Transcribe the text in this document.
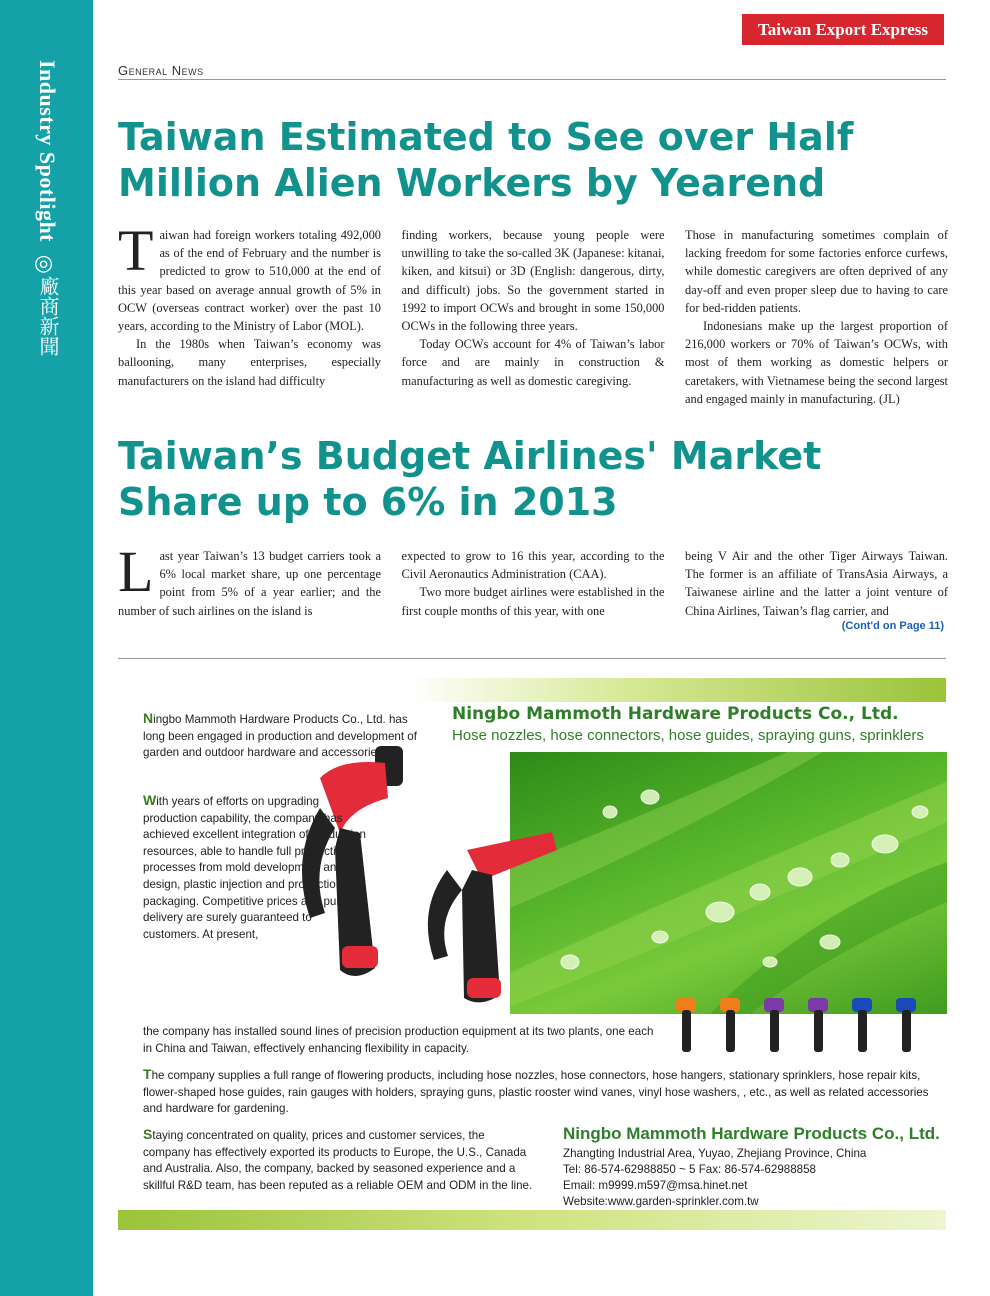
Industry Spotlight
◎
廠商新聞
Taiwan Export Express
General News
Taiwan Estimated to See over Half Million Alien Workers by Yearend

Taiwan had foreign workers totaling 492,000 as of the end of February and the number is predicted to grow to 510,000 at the end of this year based on average annual growth of 5% in OCW (overseas contract worker) over the past 10 years, according to the Ministry of Labor (MOL).

In the 1980s when Taiwan’s economy was ballooning, many enterprises, especially manufacturers on the island had difficulty

finding workers, because young people were unwilling to take the so-called 3K (Japanese: kitanai, kiken, and kitsui) or 3D (English: dangerous, dirty, and difficult) jobs. So the government started in 1992 to import OCWs and brought in some 150,000 OCWs in the following three years.

Today OCWs account for 4% of Taiwan’s labor force and are mainly in construction & manufacturing as well as domestic caregiving.

Those in manufacturing sometimes complain of lacking freedom for some factories enforce curfews, while domestic caregivers are often deprived of any day-off and even proper sleep due to having to care for bed-ridden patients.

Indonesians make up the largest proportion of 216,000 workers or 70% of Taiwan’s OCWs, with most of them working as domestic helpers or caretakers, with Vietnamese being the second largest and engaged mainly in manufacturing. (JL)

Taiwan’s Budget Airlines' Market Share up to 6% in 2013

Last year Taiwan’s 13 budget carriers took a 6% local market share, up one percentage point from 5% of a year earlier; and the number of such airlines on the island is

expected to grow to 16 this year, according to the Civil Aeronautics Administration (CAA).

Two more budget airlines were established in the first couple months of this year, with one

being V Air and the other Tiger Airways Taiwan. The former is an affiliate of TransAsia Airways, a Taiwanese airline and the latter a joint venture of China Airlines, Taiwan’s flag carrier, and

(Cont'd on Page 11)
Ningbo Mammoth Hardware Products Co., Ltd.
Hose nozzles, hose connectors, hose guides, spraying guns, sprinklers
Ningbo Mammoth Hardware Products Co., Ltd. has long been engaged in production and development of garden and outdoor hardware and accessories.
With years of efforts on upgrading production capability, the company has achieved excellent integration of production resources, able to handle full production processes from mold development and design, plastic injection and production to packaging. Competitive prices and punctual delivery are surely guaranteed to customers. At present,
the company has installed sound lines of precision production equipment at its two plants, one each in China and Taiwan, effectively enhancing flexibility in capacity.
The company supplies a full range of flowering products, including hose nozzles, hose connectors, hose hangers, stationary sprinklers, hose repair kits, flower-shaped hose guides, rain gauges with holders, spraying guns, plastic rooster wind vanes, vinyl hose washers, , etc., as well as related accessories and hardware for gardening.
Staying concentrated on quality, prices and customer services, the company has effectively exported its products to Europe, the U.S., Canada and Australia. Also, the company, backed by seasoned experience and a skillful R&D team, has been reputed as a reliable OEM and ODM in the line.
Ningbo Mammoth Hardware Products Co., Ltd.
Zhangting Industrial Area, Yuyao, Zhejiang Province, China
Tel: 86-574-62988850 ~ 5 Fax: 86-574-62988858
Email: m9999.m597@msa.hinet.net
Website:www.garden-sprinkler.com.tw
